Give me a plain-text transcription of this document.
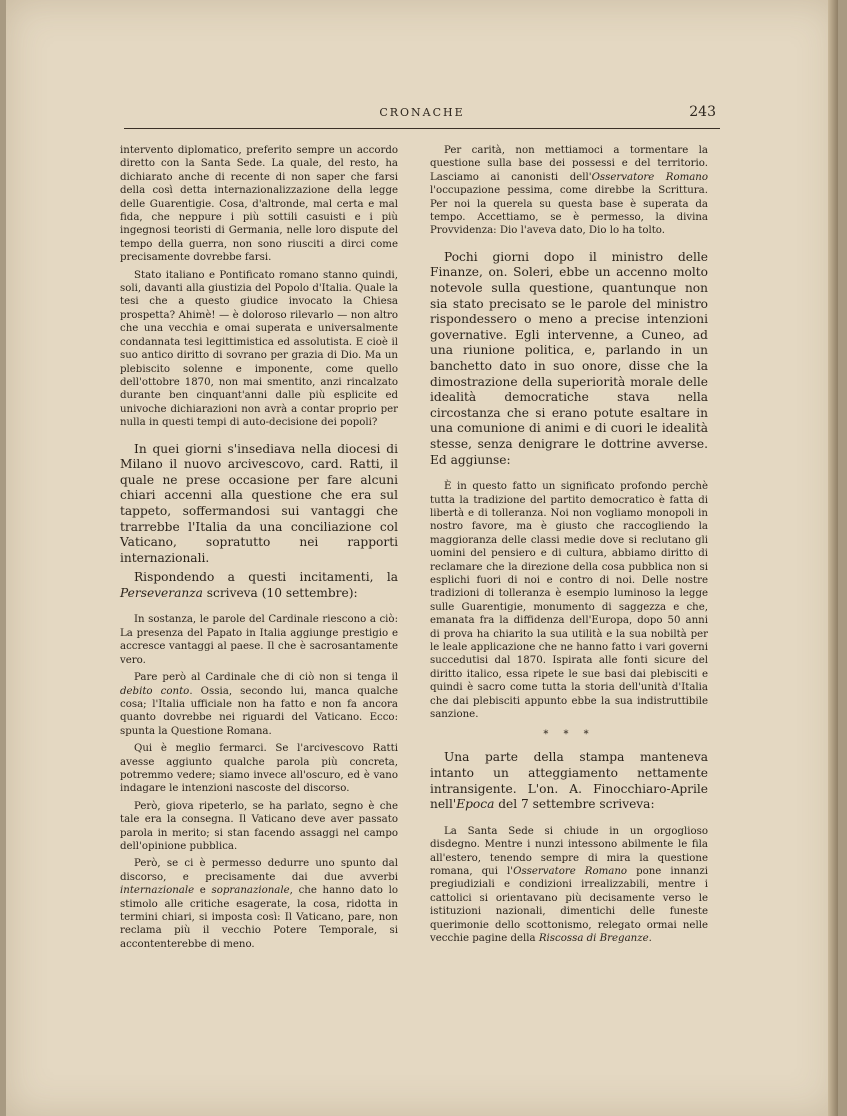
CRONACHE	243

intervento diplomatico, preferito sempre un accordo diretto con la Santa Sede. La quale, del resto, ha dichiarato anche di recente di non saper che farsi della così detta internazionalizzazione della legge delle Guarentigie. Cosa, d'altronde, mal certa e mal fida, che neppure i più sottili casuisti e i più ingegnosi teoristi di Germania, nelle loro dispute del tempo della guerra, non sono riusciti a dirci come precisamente dovrebbe farsi.

Stato italiano e Pontificato romano stanno quindi, soli, davanti alla giustizia del Popolo d'Italia. Quale la tesi che a questo giudice invocato la Chiesa prospetta? Ahimè! — è doloroso rilevarlo — non altro che una vecchia e omai superata e universalmente condannata tesi legittimistica ed assolutista. E cioè il suo antico diritto di sovrano per grazia di Dio. Ma un plebiscito solenne e imponente, come quello dell'ottobre 1870, non mai smentito, anzi rincalzato durante ben cinquant'anni dalle più esplicite ed univoche dichiarazioni non avrà a contar proprio per nulla in questi tempi di auto-decisione dei popoli?

In quei giorni s'insediava nella diocesi di Milano il nuovo arcivescovo, card. Ratti, il quale ne prese occasione per fare alcuni chiari accenni alla questione che era sul tappeto, soffermandosi sui vantaggi che trarrebbe l'Italia da una conciliazione col Vaticano, sopratutto nei rapporti internazionali.

Rispondendo a questi incitamenti, la Perseveranza scriveva (10 settembre):

In sostanza, le parole del Cardinale riescono a ciò: La presenza del Papato in Italia aggiunge prestigio e accresce vantaggi al paese. Il che è sacrosantamente vero.

Pare però al Cardinale che di ciò non si tenga il debito conto. Ossia, secondo lui, manca qualche cosa; l'Italia ufficiale non ha fatto e non fa ancora quanto dovrebbe nei riguardi del Vaticano. Ecco: spunta la Questione Romana.

Qui è meglio fermarci. Se l'arcivescovo Ratti avesse aggiunto qualche parola più concreta, potremmo vedere; siamo invece all'oscuro, ed è vano indagare le intenzioni nascoste del discorso.

Però, giova ripeterlo, se ha parlato, segno è che tale era la consegna. Il Vaticano deve aver passato parola in merito; si stan facendo assaggi nel campo dell'opinione pubblica.

Però, se ci è permesso dedurre uno spunto dal discorso, e precisamente dai due avverbi internazionale e sopranazionale, che hanno dato lo stimolo alle critiche esagerate, la cosa, ridotta in termini chiari, si imposta così: Il Vaticano, pare, non reclama più il vecchio Potere Temporale, si accontenterebbe di meno.

Per carità, non mettiamoci a tormentare la questione sulla base dei possessi e del territorio. Lasciamo ai canonisti dell'Osservatore Romano l'occupazione pessima, come direbbe la Scrittura. Per noi la querela su questa base è superata da tempo. Accettiamo, se è permesso, la divina Provvidenza: Dio l'aveva dato, Dio lo ha tolto.

Pochi giorni dopo il ministro delle Finanze, on. Soleri, ebbe un accenno molto notevole sulla questione, quantunque non sia stato precisato se le parole del ministro rispondessero o meno a precise intenzioni governative. Egli intervenne, a Cuneo, ad una riunione politica, e, parlando in un banchetto dato in suo onore, disse che la dimostrazione della superiorità morale delle idealità democratiche stava nella circostanza che si erano potute esaltare in una comunione di animi e di cuori le idealità stesse, senza denigrare le dottrine avverse. Ed aggiunse:

È in questo fatto un significato profondo perchè tutta la tradizione del partito democratico è fatta di libertà e di tolleranza. Noi non vogliamo monopoli in nostro favore, ma è giusto che raccogliendo la maggioranza delle classi medie dove si reclutano gli uomini del pensiero e di cultura, abbiamo diritto di reclamare che la direzione della cosa pubblica non si esplichi fuori di noi e contro di noi. Delle nostre tradizioni di tolleranza è esempio luminoso la legge sulle Guarentigie, monumento di saggezza e che, emanata fra la diffidenza dell'Europa, dopo 50 anni di prova ha chiarito la sua utilità e la sua nobiltà per le leale applicazione che ne hanno fatto i vari governi succedutisi dal 1870. Ispirata alle fonti sicure del diritto italico, essa ripete le sue basi dai plebisciti e quindi è sacro come tutta la storia dell'unità d'Italia che dai plebisciti appunto ebbe la sua indistruttibile sanzione.

* * *

Una parte della stampa manteneva intanto un atteggiamento nettamente intransigente. L'on. A. Finocchiaro-Aprile nell'Epoca del 7 settembre scriveva:

La Santa Sede si chiude in un orgoglioso disdegno. Mentre i nunzi intessono abilmente le fila all'estero, tenendo sempre di mira la questione romana, qui l'Osservatore Romano pone innanzi pregiudiziali e condizioni irrealizzabili, mentre i cattolici si orientavano più decisamente verso le istituzioni nazionali, dimentichi delle funeste querimonie dello scottonismo, relegato ormai nelle vecchie pagine della Riscossa di Breganze.
